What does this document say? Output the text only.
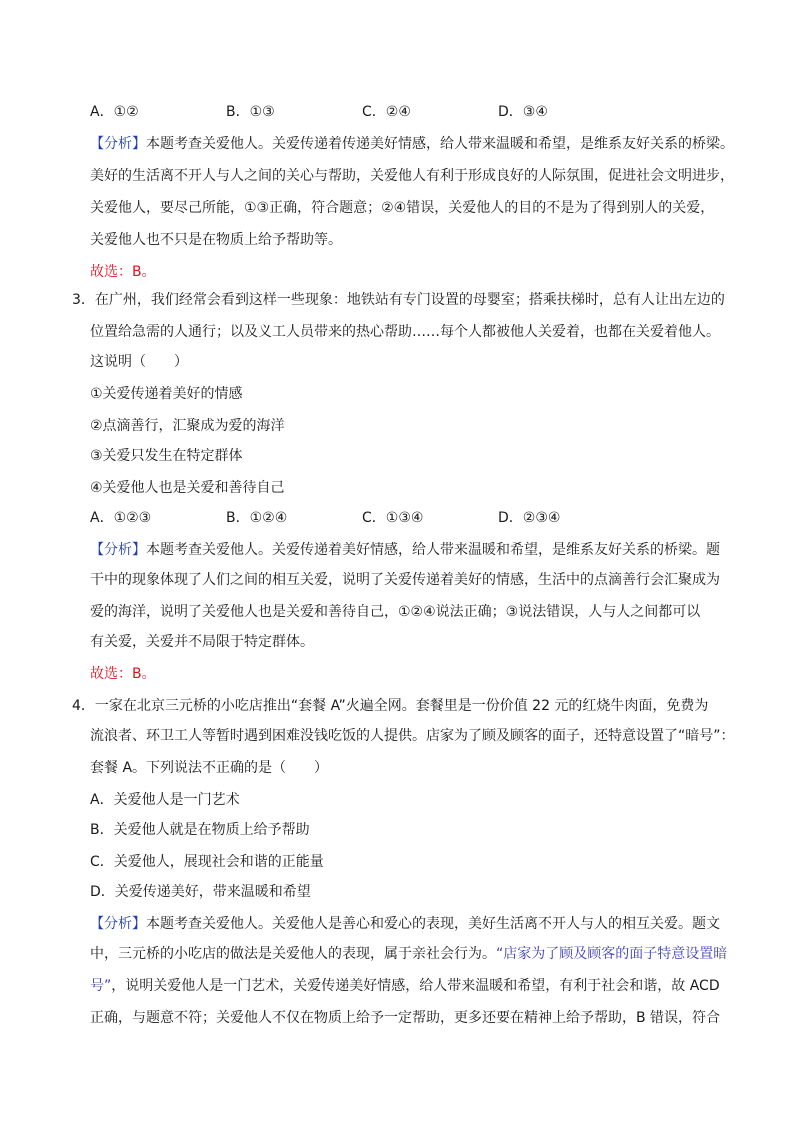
A．①②	B．①③	C．②④	D．③④
【分析】本题考查关爱他人。关爱传递着传递美好情感，给人带来温暖和希望，是维系友好关系的桥梁。
美好的生活离不开人与人之间的关心与帮助，关爱他人有利于形成良好的人际氛围，促进社会文明进步，
关爱他人，要尽己所能，①③正确，符合题意；②④错误，关爱他人的目的不是为了得到别人的关爱，
关爱他人也不只是在物质上给予帮助等。
故选：B。
3．在广州，我们经常会看到这样一些现象：地铁站有专门设置的母婴室；搭乘扶梯时，总有人让出左边的
位置给急需的人通行；以及义工人员带来的热心帮助……每个人都被他人关爱着，也都在关爱着他人。
这说明（　　）
①关爱传递着美好的情感
②点滴善行，汇聚成为爱的海洋
③关爱只发生在特定群体
④关爱他人也是关爱和善待自己
A．①②③	B．①②④	C．①③④	D．②③④
【分析】本题考查关爱他人。关爱传递着美好情感，给人带来温暖和希望，是维系友好关系的桥梁。题
干中的现象体现了人们之间的相互关爱，说明了关爱传递着美好的情感，生活中的点滴善行会汇聚成为
爱的海洋，说明了关爱他人也是关爱和善待自己，①②④说法正确；③说法错误，人与人之间都可以
有关爱，关爱并不局限于特定群体。
故选：B。
4．一家在北京三元桥的小吃店推出“套餐 A”火遍全网。套餐里是一份价值 22 元的红烧牛肉面，免费为
流浪者、环卫工人等暂时遇到困难没钱吃饭的人提供。店家为了顾及顾客的面子，还特意设置了“暗号”：
套餐 A。下列说法不正确的是（　　）
A．关爱他人是一门艺术
B．关爱他人就是在物质上给予帮助
C．关爱他人，展现社会和谐的正能量
D．关爱传递美好，带来温暖和希望
【分析】本题考查关爱他人。关爱他人是善心和爱心的表现，美好生活离不开人与人的相互关爱。题文
中，三元桥的小吃店的做法是关爱他人的表现，属于亲社会行为。“店家为了顾及顾客的面子特意设置暗
号”，说明关爱他人是一门艺术，关爱传递美好情感，给人带来温暖和希望，有利于社会和谐，故 ACD
正确，与题意不符；关爱他人不仅在物质上给予一定帮助，更多还要在精神上给予帮助，B 错误，符合
